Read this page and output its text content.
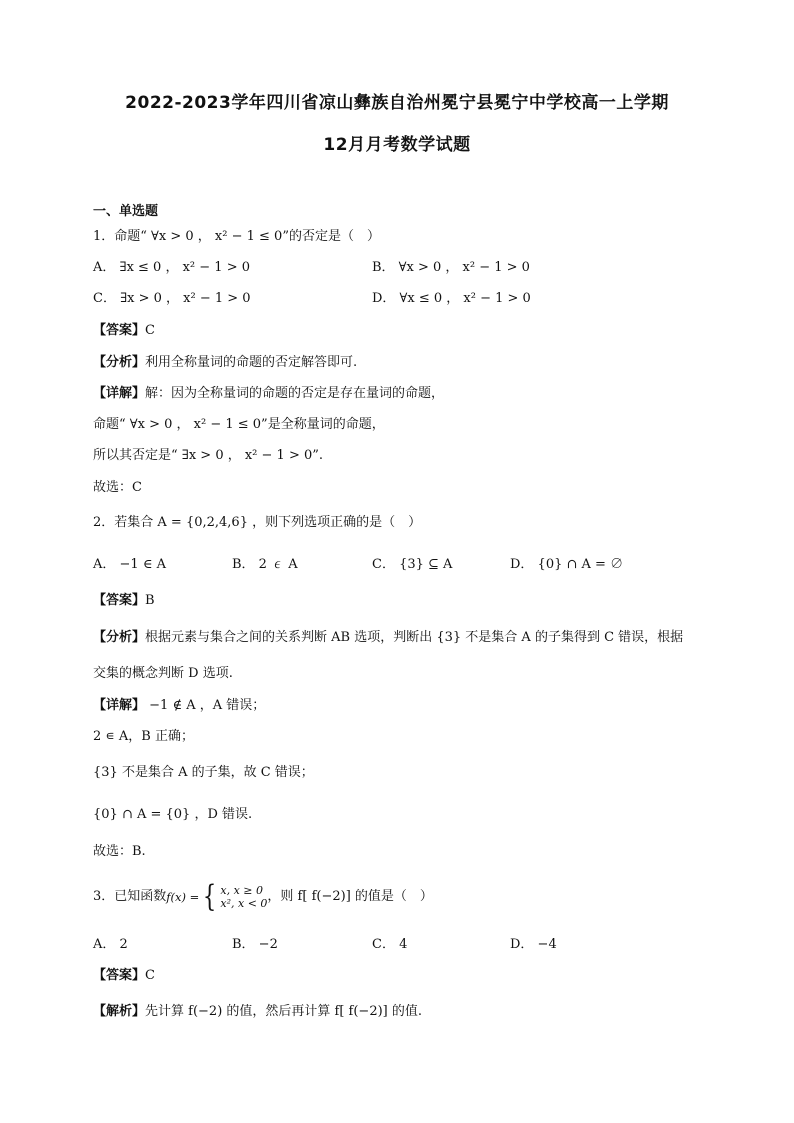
2022-2023学年四川省凉山彝族自治州冕宁县冕宁中学校高一上学期
12月月考数学试题
一、单选题
1．命题“ ∀x > 0 ， x² − 1 ≤ 0”的否定是（　）
A． ∃x ≤ 0 ， x² − 1 > 0	B． ∀x > 0 ， x² − 1 > 0
C． ∃x > 0 ， x² − 1 > 0	D． ∀x ≤ 0 ， x² − 1 > 0
【答案】C
【分析】利用全称量词的命题的否定解答即可.
【详解】解：因为全称量词的命题的否定是存在量词的命题，
命题“ ∀x > 0 ， x² − 1 ≤ 0”是全称量词的命题，
所以其否定是“ ∃x > 0 ， x² − 1 > 0”.
故选：C
2．若集合 A = {0,2,4,6} ，则下列选项正确的是（　）
A． −1 ∈ A	B． 2 ∊ A	C． {3} ⊆ A	D． {0} ∩ A = ∅
【答案】B
【分析】根据元素与集合之间的关系判断 AB 选项，判断出 {3} 不是集合 A 的子集得到 C 错误，根据
交集的概念判断 D 选项.
【详解】 −1 ∉ A ，A 错误；
2 ∊ A，B 正确；
{3} 不是集合 A 的子集，故 C 错误；
{0} ∩ A = {0} ，D 错误.
故选：B.
3．已知函数 f(x) = { x, x ≥ 0
x², x < 0 ，则 f[ f(−2)] 的值是（　）
A． 2	B． −2	C． 4	D． −4
【答案】C
【解析】先计算 f(−2) 的值，然后再计算 f[ f(−2)] 的值.
